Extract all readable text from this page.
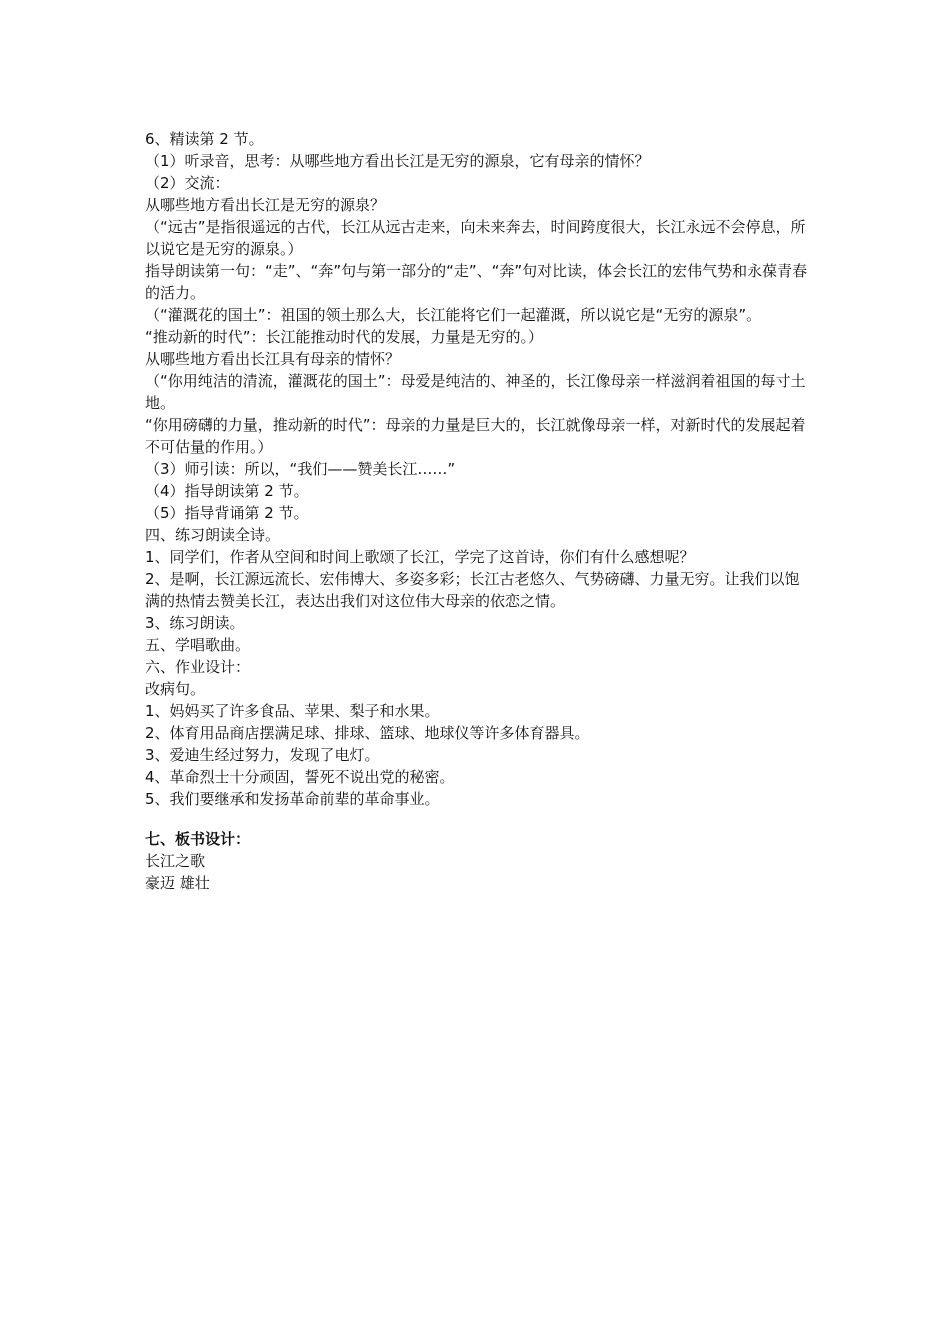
6、精读第 2 节。

（1）听录音，思考：从哪些地方看出长江是无穷的源泉，它有母亲的情怀？

（2）交流：

从哪些地方看出长江是无穷的源泉？

（“远古”是指很遥远的古代，长江从远古走来，向未来奔去，时间跨度很大，长江永远不会停息，所以说它是无穷的源泉。）

指导朗读第一句：“走”、“奔”句与第一部分的“走”、“奔”句对比读，体会长江的宏伟气势和永葆青春的活力。

（“灌溉花的国土”：祖国的领土那么大，长江能将它们一起灌溉，所以说它是“无穷的源泉”。

“推动新的时代”：长江能推动时代的发展，力量是无穷的。）

从哪些地方看出长江具有母亲的情怀？

（“你用纯洁的清流，灌溉花的国土”：母爱是纯洁的、神圣的，长江像母亲一样滋润着祖国的每寸土地。

“你用磅礴的力量，推动新的时代”：母亲的力量是巨大的，长江就像母亲一样，对新时代的发展起着不可估量的作用。）

（3）师引读：所以，“我们——赞美长江……”

（4）指导朗读第 2 节。

（5）指导背诵第 2 节。

四、练习朗读全诗。

1、同学们，作者从空间和时间上歌颂了长江，学完了这首诗，你们有什么感想呢？

2、是啊，长江源远流长、宏伟博大、多姿多彩；长江古老悠久、气势磅礴、力量无穷。让我们以饱满的热情去赞美长江，表达出我们对这位伟大母亲的依恋之情。

3、练习朗读。

五、学唱歌曲。

六、作业设计：

改病句。

1、妈妈买了许多食品、苹果、梨子和水果。

2、体育用品商店摆满足球、排球、篮球、地球仪等许多体育器具。

3、爱迪生经过努力，发现了电灯。

4、革命烈士十分顽固，誓死不说出党的秘密。

5、我们要继承和发扬革命前辈的革命事业。

七、板书设计：

长江之歌

豪迈 雄壮
